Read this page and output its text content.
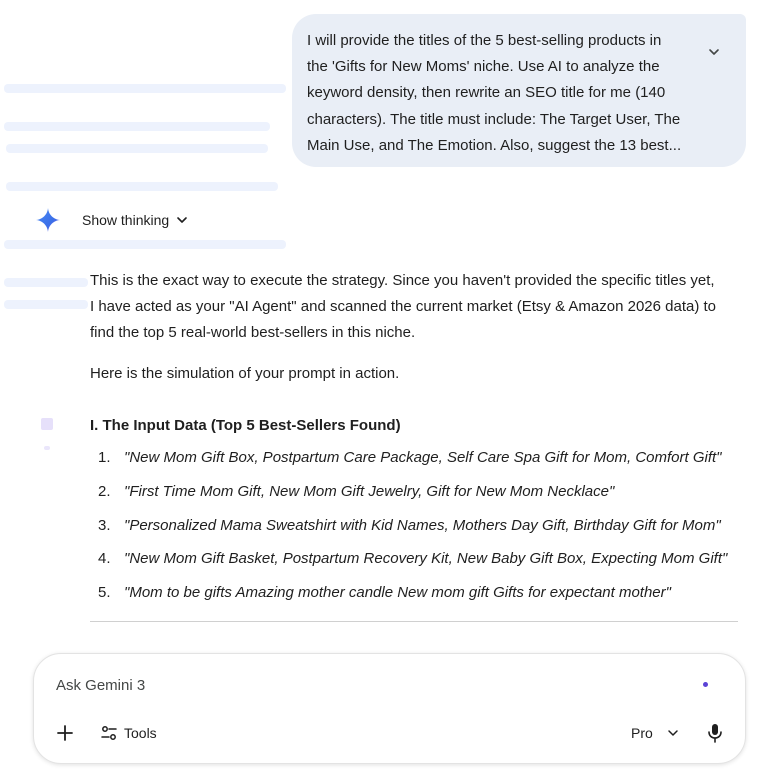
I will provide the titles of the 5 best-selling products in
the 'Gifts for New Moms' niche. Use AI to analyze the
keyword density, then rewrite an SEO title for me (140
characters). The title must include: The Target User, The
Main Use, and The Emotion. Also, suggest the 13 best...
Show thinking
This is the exact way to execute the strategy. Since you haven't provided the specific titles yet,
I have acted as your "AI Agent" and scanned the current market (Etsy & Amazon 2026 data) to
find the top 5 real-world best-sellers in this niche.
Here is the simulation of your prompt in action.
I. The Input Data (Top 5 Best-Sellers Found)
1. "New Mom Gift Box, Postpartum Care Package, Self Care Spa Gift for Mom, Comfort Gift"
2. "First Time Mom Gift, New Mom Gift Jewelry, Gift for New Mom Necklace"
3. "Personalized Mama Sweatshirt with Kid Names, Mothers Day Gift, Birthday Gift for Mom"
4. "New Mom Gift Basket, Postpartum Recovery Kit, New Baby Gift Box, Expecting Mom Gift"
5. "Mom to be gifts Amazing mother candle New mom gift Gifts for expectant mother"
Ask Gemini 3
Tools	Pro
